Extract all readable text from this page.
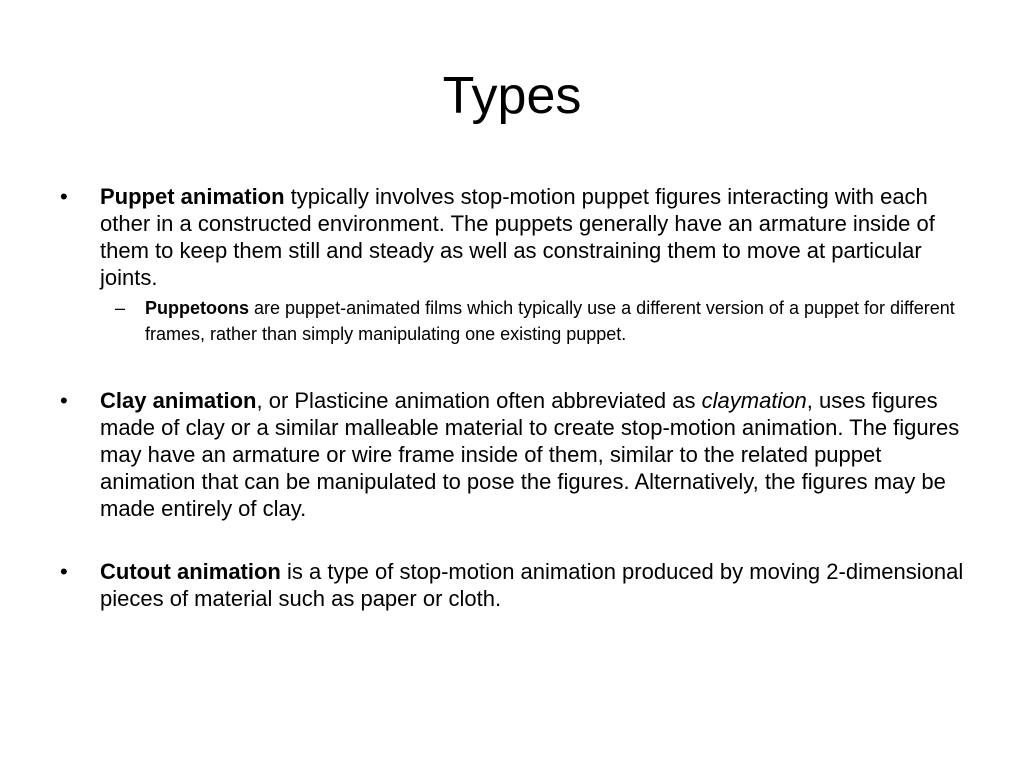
Types
•	Puppet animation typically involves stop-motion puppet figures interacting with each other in a constructed environment. The puppets generally have an armature inside of them to keep them still and steady as well as constraining them to move at particular joints.
– Puppetoons are puppet-animated films which typically use a different version of a puppet for different frames, rather than simply manipulating one existing puppet.
•	Clay animation, or Plasticine animation often abbreviated as claymation, uses figures made of clay or a similar malleable material to create stop-motion animation. The figures may have an armature or wire frame inside of them, similar to the related puppet animation that can be manipulated to pose the figures. Alternatively, the figures may be made entirely of clay.
•	Cutout animation is a type of stop-motion animation produced by moving 2-dimensional pieces of material such as paper or cloth.
